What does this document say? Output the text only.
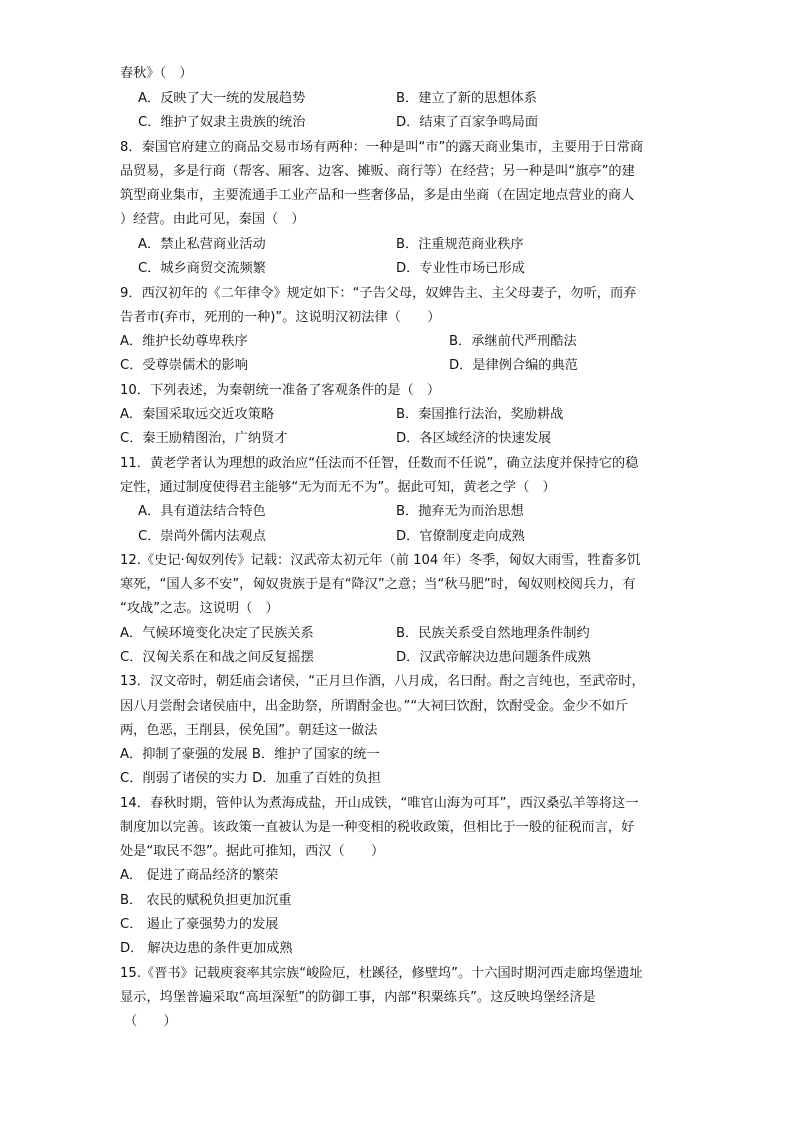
春秋》（　）
A．反映了大一统的发展趋势	B．建立了新的思想体系
C．维护了奴隶主贵族的统治	D．结束了百家争鸣局面
8．秦国官府建立的商品交易市场有两种：一种是叫“市”的露天商业集市，主要用于日常商
品贸易，多是行商（帮客、厢客、边客、摊贩、商行等）在经营；另一种是叫“旗亭”的建
筑型商业集市，主要流通手工业产品和一些奢侈品，多是由坐商（在固定地点营业的商人
）经营。由此可见，秦国（　）
A．禁止私营商业活动	B．注重规范商业秩序
C．城乡商贸交流频繁	D．专业性市场已形成
9．西汉初年的《二年律令》规定如下：“子告父母，奴婢告主、主父母妻子，勿听，而弃
告者市(弃市，死刑的一种)”。这说明汉初法律（　　）
A．维护长幼尊卑秩序	B．承继前代严刑酷法
C．受尊崇儒术的影响	D．是律例合编的典范
10．下列表述，为秦朝统一准备了客观条件的是（　）
A．秦国采取远交近攻策略	B．秦国推行法治，奖励耕战
C．秦王励精图治，广纳贤才	D．各区域经济的快速发展
11．黄老学者认为理想的政治应“任法而不任智，任数而不任说”，确立法度并保持它的稳
定性，通过制度使得君主能够“无为而无不为”。据此可知，黄老之学（　）
A．具有道法结合特色	B．抛弃无为而治思想
C．崇尚外儒内法观点	D．官僚制度走向成熟
12.《史记·匈奴列传》记载：汉武帝太初元年（前 104 年）冬季，匈奴大雨雪，牲畜多饥
寒死，“国人多不安”，匈奴贵族于是有“降汉”之意；当“秋马肥”时，匈奴则校阅兵力，有
“攻战”之志。这说明（　）
A．气候环境变化决定了民族关系	B．民族关系受自然地理条件制约
C．汉匈关系在和战之间反复摇摆	D．汉武帝解决边患问题条件成熟
13．汉文帝时，朝廷庙会诸侯，“正月旦作酒，八月成，名曰酎。酎之言纯也，至武帝时，
因八月尝酎会诸侯庙中，出金助祭，所谓酎金也。”“大祠曰饮酎，饮酎受金。金少不如斤
两，色恶，王削县，侯免国”。朝廷这一做法
A．抑制了豪强的发展 B．维护了国家的统一
C．削弱了诸侯的实力 D．加重了百姓的负担
14．春秋时期，管仲认为煮海成盐，开山成铁，“唯官山海为可耳”，西汉桑弘羊等将这一
制度加以完善。该政策一直被认为是一种变相的税收政策，但相比于一般的征税而言，好
处是“取民不怨”。据此可推知，西汉（　　）
A． 促进了商品经济的繁荣
B． 农民的赋税负担更加沉重
C． 遏止了豪强势力的发展
D． 解决边患的条件更加成熟
15.《晋书》记载庾衮率其宗族“峻险厄，杜蹊径，修壁坞”。十六国时期河西走廊坞堡遗址
显示，坞堡普遍采取“高垣深堑”的防御工事，内部“积粟练兵”。这反映坞堡经济是
（　　）
